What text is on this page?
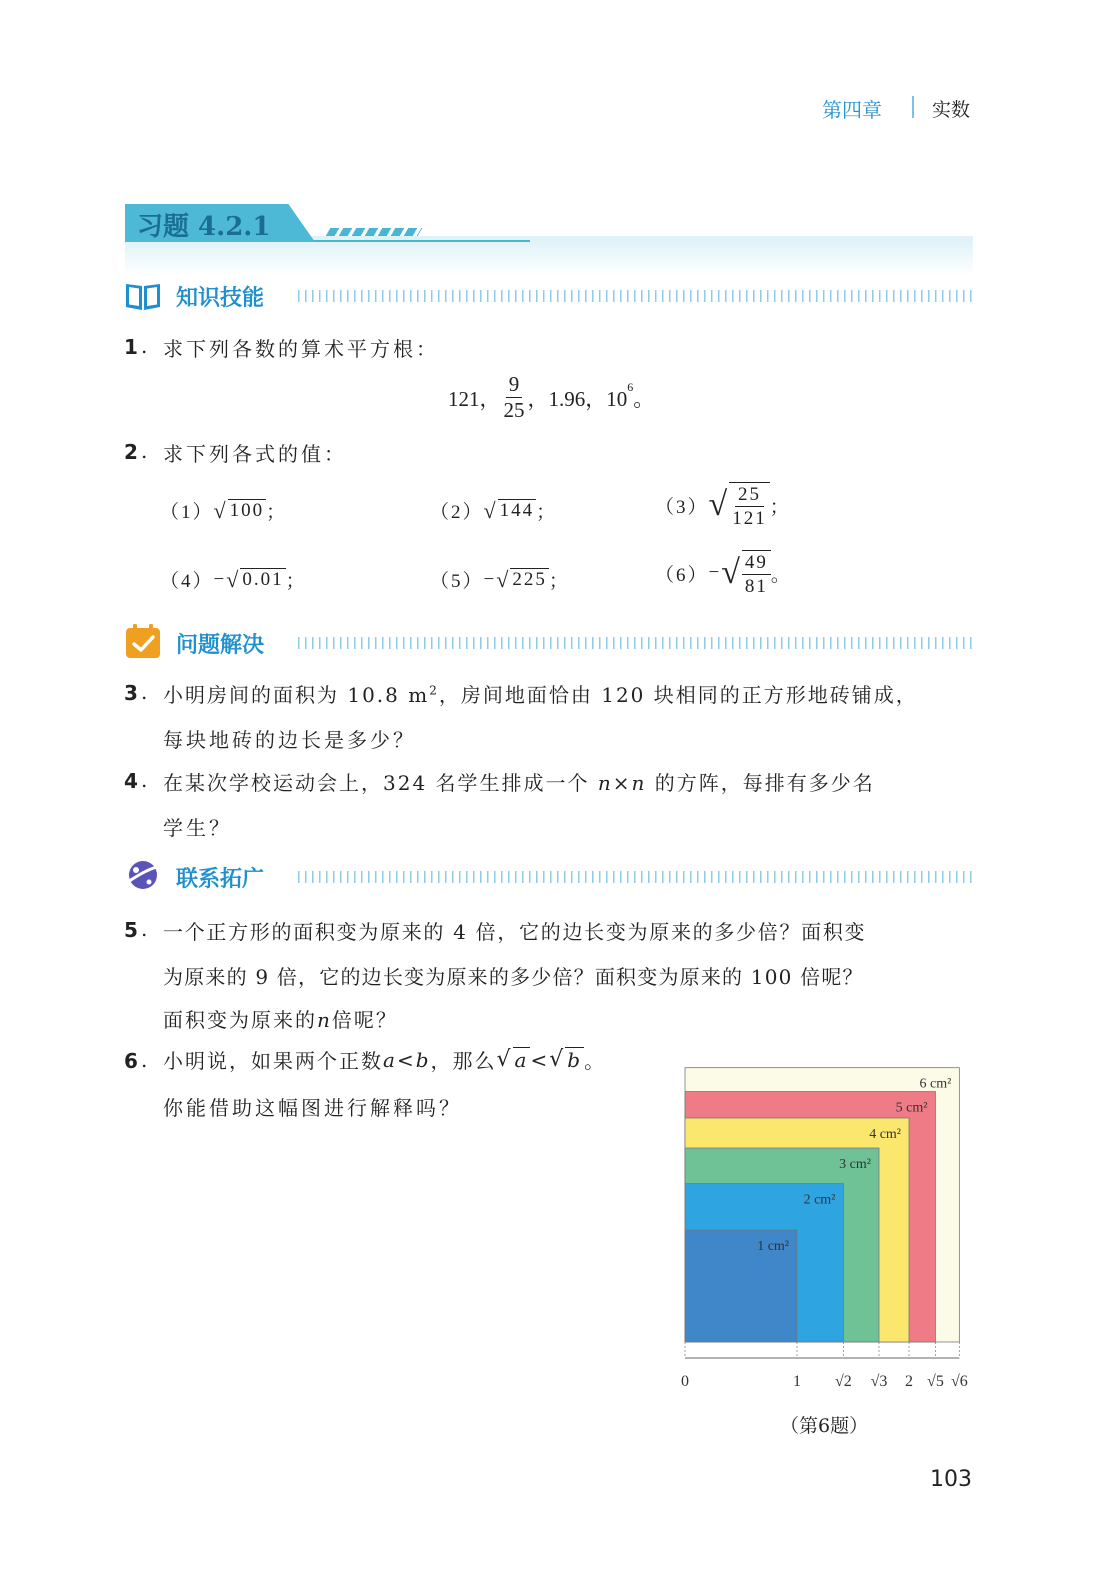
第四章	实数
习题 4.2.1
知识技能
1 . 求下列各数的算术平方根：
121， $\frac{9}{25}$ ，1.96，$10^6$ 。
2 . 求下列各式的值：
（1） √ 100 ；	（2） √ 144 ；	（3） √ $\frac{25}{121}$ ；
（4） − √ 0.01 ；	（5） − √ 225 ；	（6） − √ $\frac{49}{81}$ 。
问题解决
3 . 小明房间的面积为 10.8 $m^2$，房间地面恰由 120 块相同的正方形地砖铺成，
每块地砖的边长是多少？
4 . 在某次学校运动会上，324 名学生排成一个 n×n 的方阵，每排有多少名
学生？
联系拓广
5 . 一个正方形的面积变为原来的 4 倍，它的边长变为原来的多少倍？面积变
为原来的 9 倍，它的边长变为原来的多少倍？面积变为原来的 100 倍呢？
面积变为原来的n倍呢？
6 . 小明说，如果两个正数 a < b ，那么 √ a < √ b 。
你能借助这幅图进行解释吗？
1 cm²
2 cm²
3 cm²
4 cm²
5 cm²
6 cm²
0	1 √2 √3 2 √5 √6
（第6题）
103
